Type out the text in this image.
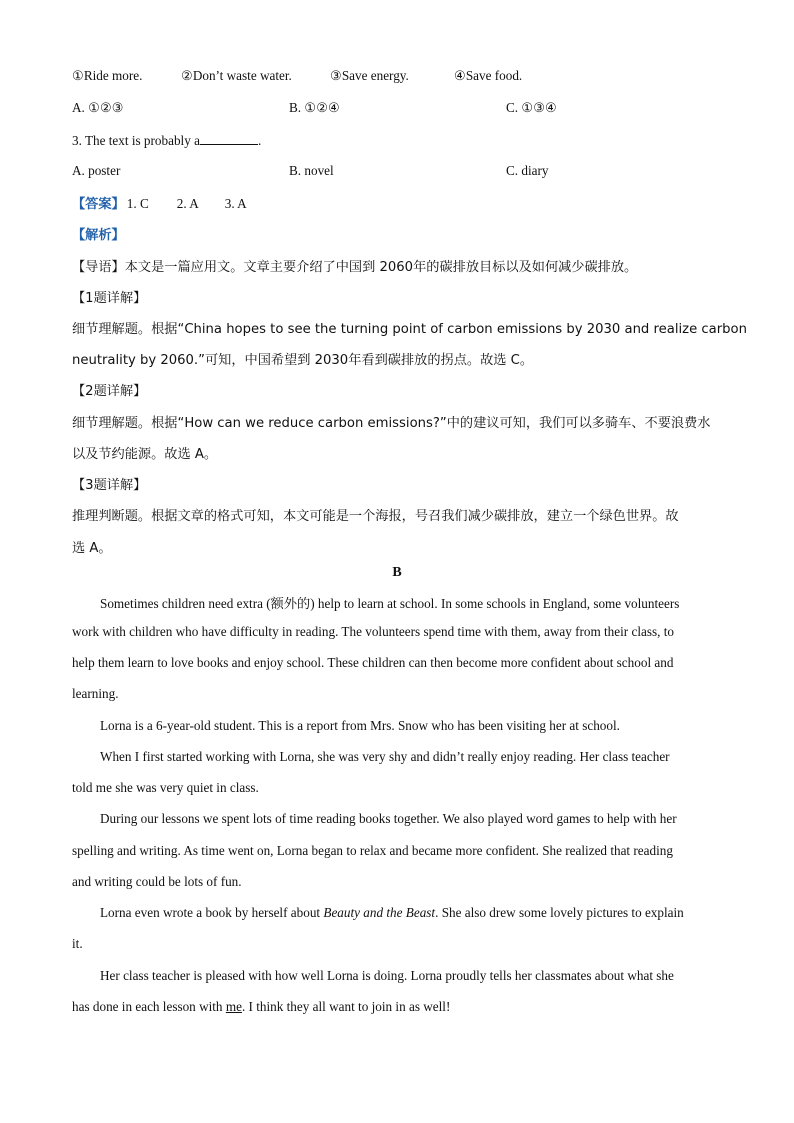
①Ride more.	②Don’t waste water.	③Save energy.	④Save food.
A. ①②③	B. ①②④	C. ①③④
3. The text is probably a	.
A. poster	B. novel	C. diary
【答案】 1. C 2. A 3. A
【解析】
【导语】本文是一篇应用文。文章主要介绍了中国到 2060年的碳排放目标以及如何减少碳排放。
【1题详解】
细节理解题。根据“China hopes to see the turning point of carbon emissions by 2030 and realize carbon
neutrality by 2060.”可知，中国希望到 2030年看到碳排放的拐点。故选 C。
【2题详解】
细节理解题。根据“How can we reduce carbon emissions?”中的建议可知，我们可以多骑车、不要浪费水
以及节约能源。故选 A。
【3题详解】
推理判断题。根据文章的格式可知，本文可能是一个海报，号召我们减少碳排放，建立一个绿色世界。故
选 A。
B
Sometimes children need extra (额外的) help to learn at school. In some schools in England, some volunteers
work with children who have difficulty in reading. The volunteers spend time with them, away from their class, to
help them learn to love books and enjoy school. These children can then become more confident about school and
learning.
Lorna is a 6-year-old student. This is a report from Mrs. Snow who has been visiting her at school.
When I first started working with Lorna, she was very shy and didn’t really enjoy reading. Her class teacher
told me she was very quiet in class.
During our lessons we spent lots of time reading books together. We also played word games to help with her
spelling and writing. As time went on, Lorna began to relax and became more confident. She realized that reading
and writing could be lots of fun.
Lorna even wrote a book by herself about Beauty and the Beast. She also drew some lovely pictures to explain
it.
Her class teacher is pleased with how well Lorna is doing. Lorna proudly tells her classmates about what she
has done in each lesson with me. I think they all want to join in as well!
